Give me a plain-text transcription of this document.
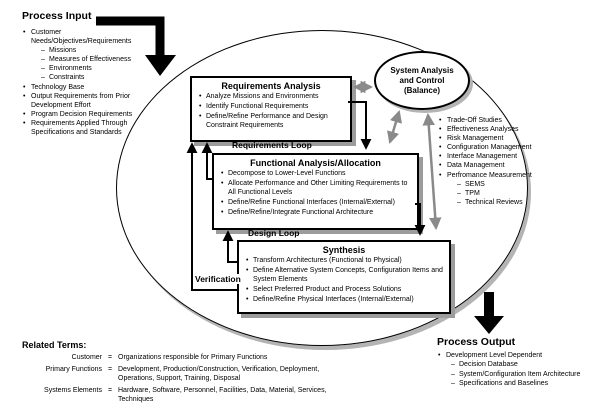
Process Input
• Customer Needs/Objectives/Requirements
– Missions
– Measures of Effectiveness
– Environments
– Constraints
• Technology Base
• Output Requirements from Prior Development Effort
• Program Decision Requirements
• Requirements Applied Through Specifications and Standards
Requirements Analysis
• Analyze Missions and Environments
• Identify Functional Requirements
• Define/Refine Performance and Design Constraint Requirements
Functional Analysis/Allocation
• Decompose to Lower-Level Functions
• Allocate Performance and Other Limiting Requirements to All Functional Levels
• Define/Refine Functional Interfaces (Internal/External)
• Define/Refine/Integrate Functional Architecture
Synthesis
• Transform Architectures (Functional to Physical)
• Define Alternative System Concepts, Configuration Items and System Elements
• Select Preferred Product and Process Solutions
• Define/Refine Physical Interfaces (Internal/External)
Requirements Loop
Design Loop
Verification
System Analysis
and Control
(Balance)
• Trade-Off Studies
• Effectiveness Analyses
• Risk Management
• Configuration Management
• Interface Management
• Data Management
• Perfromance Measurement
– SEMS
– TPM
– Technical Reviews
Process Output
• Development Level Dependent
– Decision Database
– System/Configuration Item Architecture
– Specifications and Baselines
Related Terms:
Customer = Organizations responsible for Primary Functions
Primary Functions = Development, Production/Construction, Verification, Deployment, Operations, Support, Training, Disposal
Systems Elements = Hardware, Software, Personnel, Facilities, Data, Material, Services, Techniques
